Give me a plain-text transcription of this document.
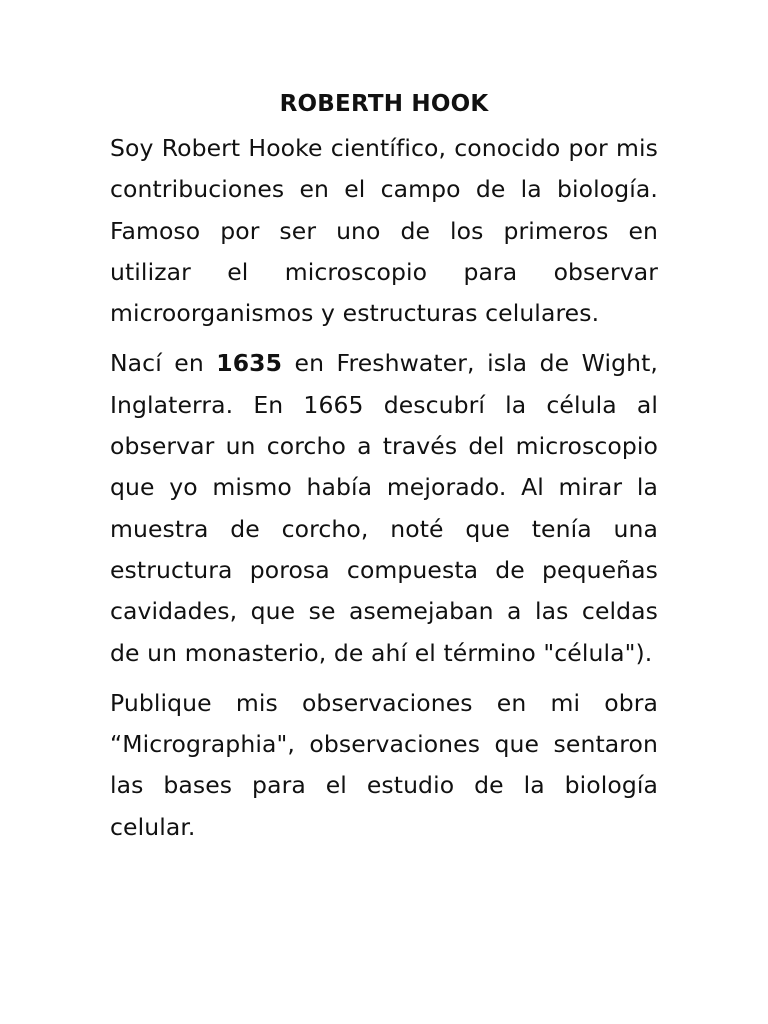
ROBERTH HOOK

Soy Robert Hooke científico, conocido por mis contribuciones en el campo de la biología. Famoso por ser uno de los primeros en utilizar el microscopio para observar microorganismos y estructuras celulares.

Nací en 1635 en Freshwater, isla de Wight, Inglaterra. En 1665 descubrí la célula al observar un corcho a través del microscopio que yo mismo había mejorado. Al mirar la muestra de corcho, noté que tenía una estructura porosa compuesta de pequeñas cavidades, que se asemejaban a las celdas de un monasterio, de ahí el término "célula").

Publique mis observaciones en mi obra “Micrographia", observaciones que sentaron las bases para el estudio de la biología celular.
